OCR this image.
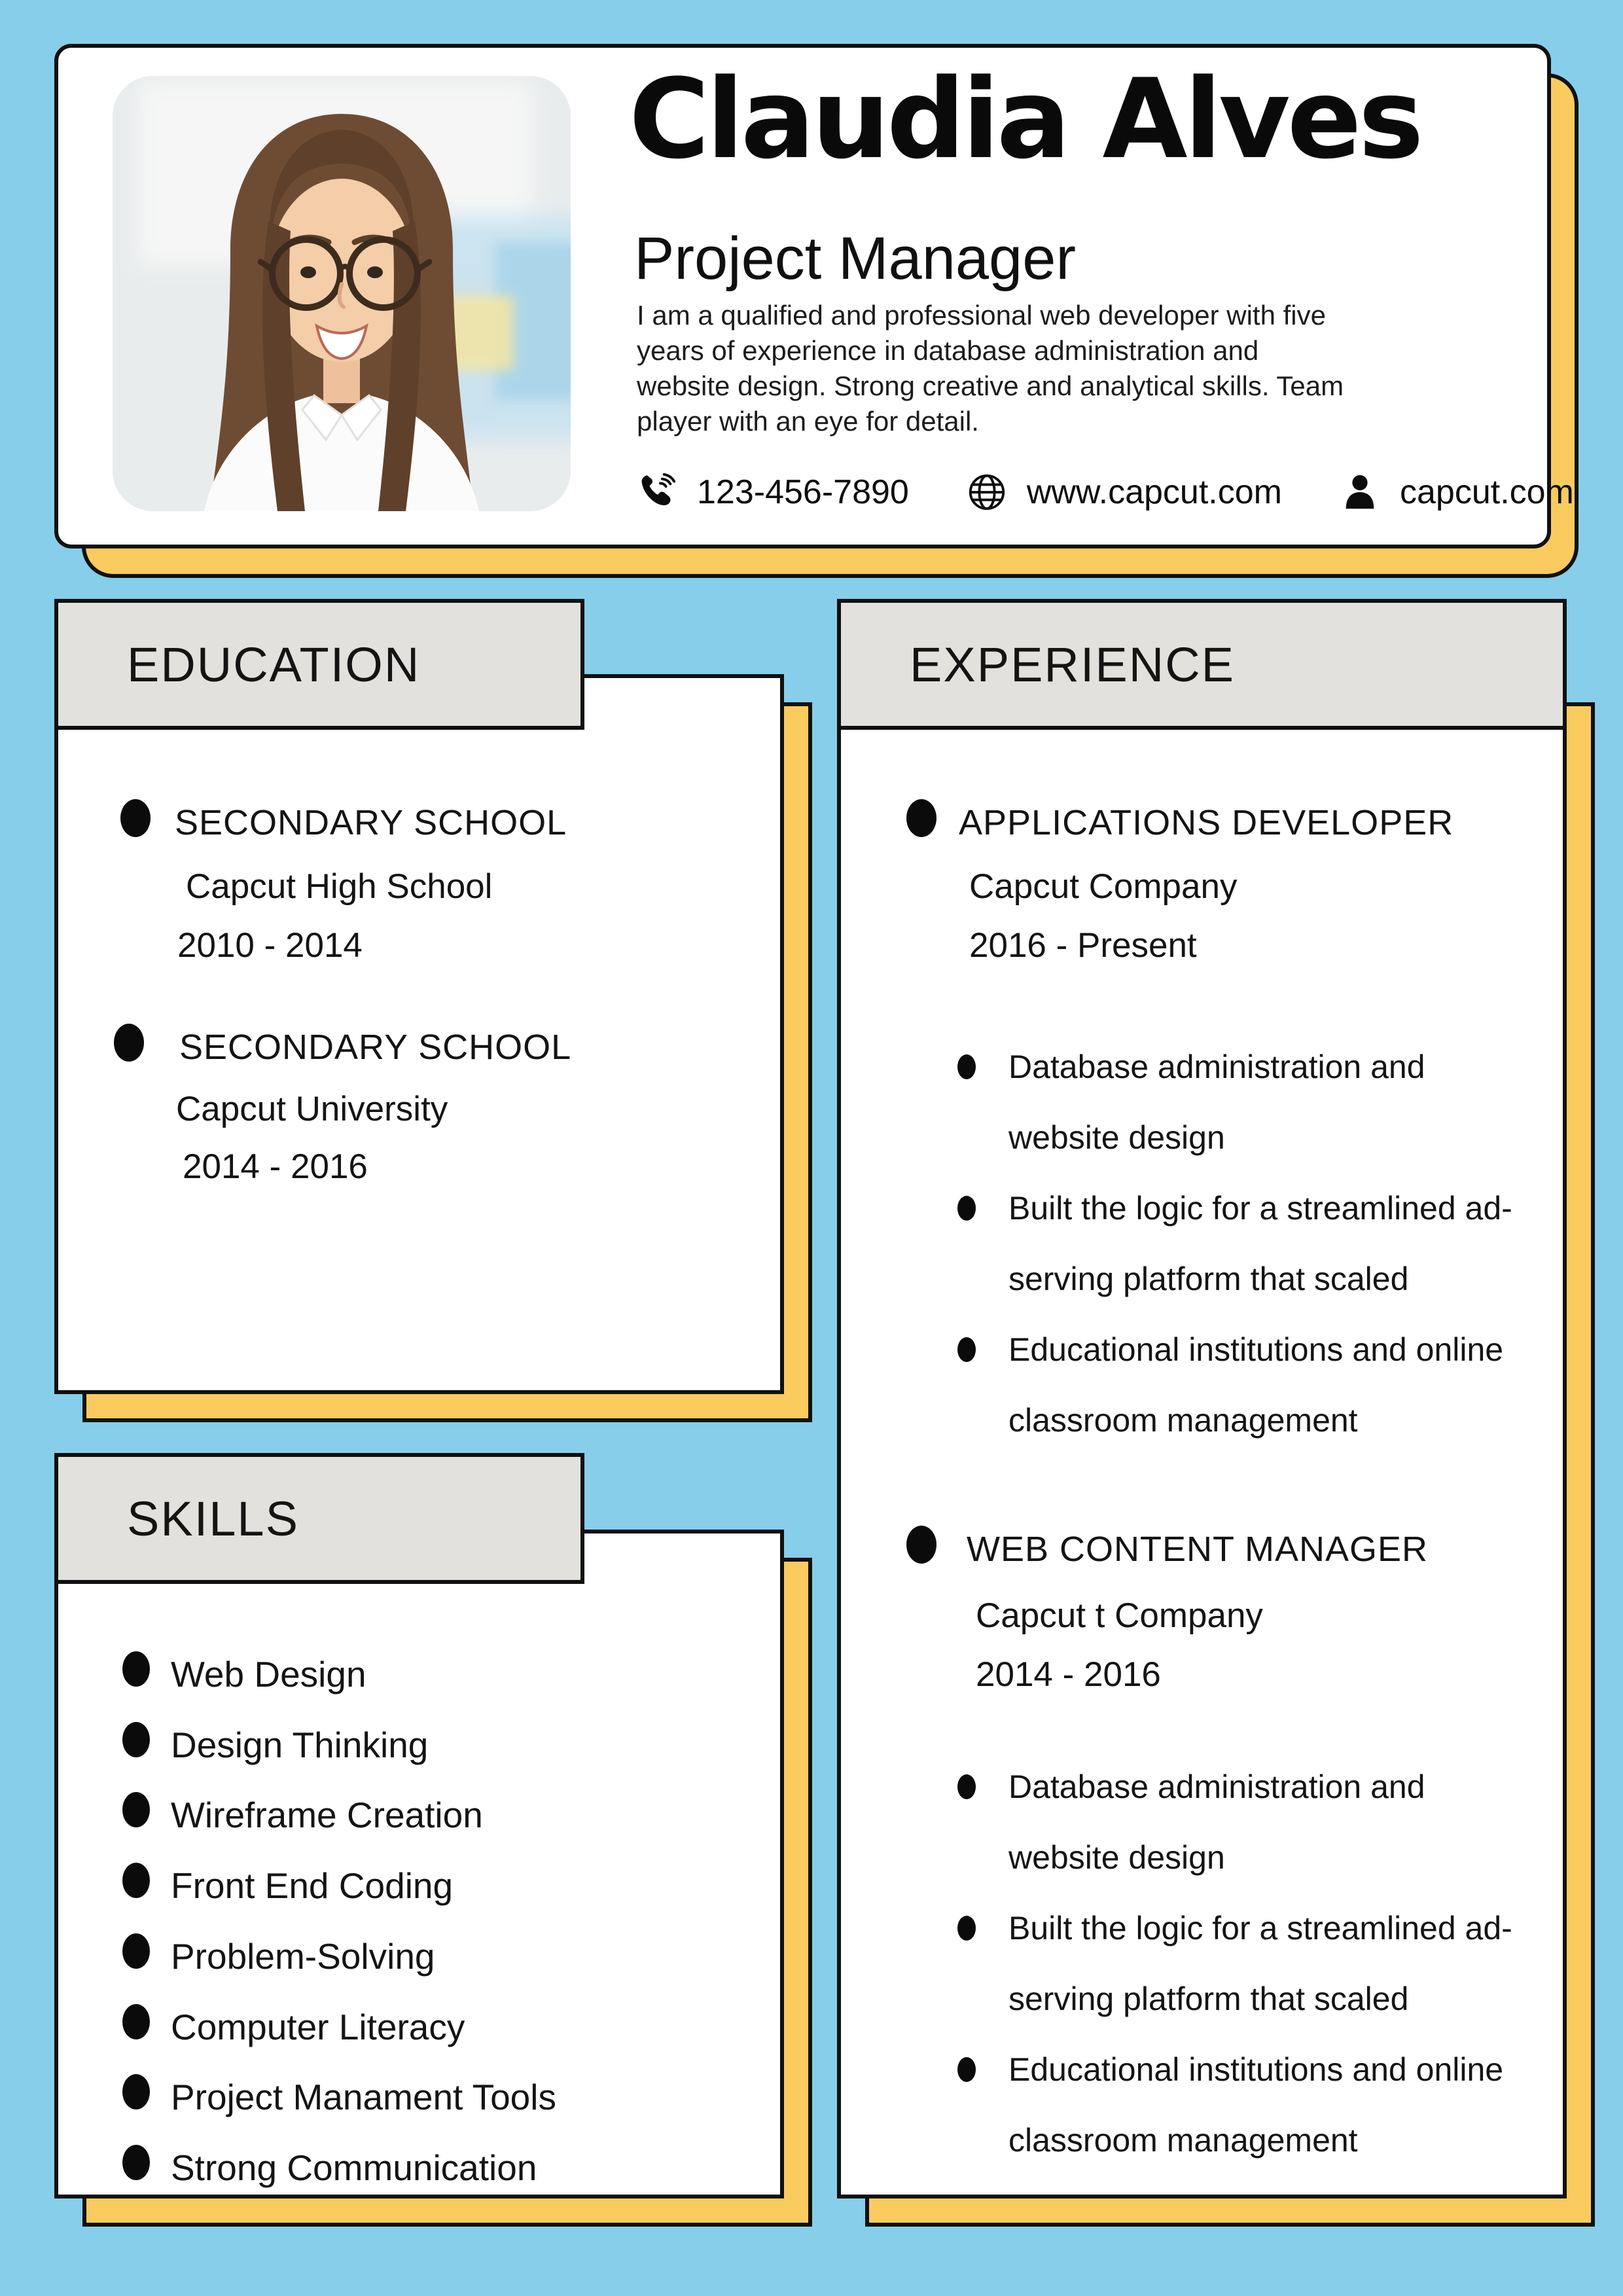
Claudia Alves
Project Manager
I am a qualified and professional web developer with five
years of experience in database administration and
website design. Strong creative and analytical skills. Team
player with an eye for detail.
123-456-7890	www.capcut.com	capcut.com
SECONDARY SCHOOL
Capcut High School
2010 - 2014
SECONDARY SCHOOL
Capcut University
2014 - 2016
EDUCATION
Web Design
Design Thinking
Wireframe Creation
Front End Coding
Problem-Solving
Computer Literacy
Project Manament Tools
Strong Communication
SKILLS
APPLICATIONS DEVELOPER
Capcut Company
2016 - Present
Database administration and
website design
Built the logic for a streamlined ad-
serving platform that scaled
Educational institutions and online
classroom management
WEB CONTENT MANAGER
Capcut t Company
2014 - 2016
Database administration and
website design
Built the logic for a streamlined ad-
serving platform that scaled
Educational institutions and online
classroom management
EXPERIENCE
